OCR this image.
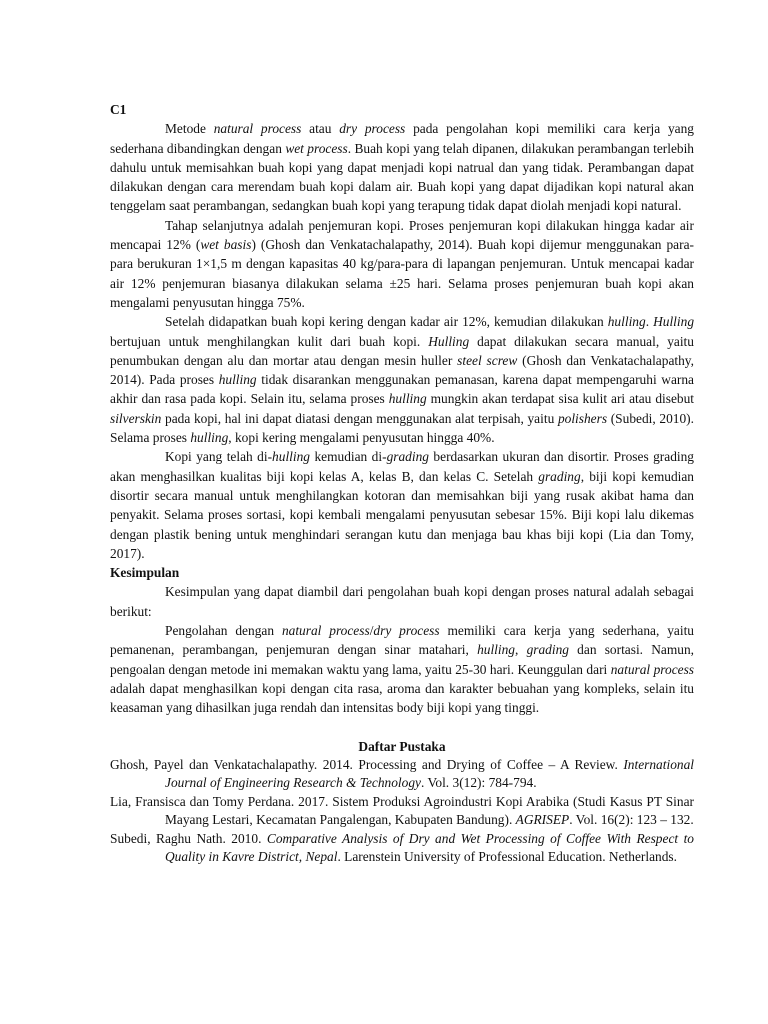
C1

Metode natural process atau dry process pada pengolahan kopi memiliki cara kerja yang sederhana dibandingkan dengan wet process. Buah kopi yang telah dipanen, dilakukan perambangan terlebih dahulu untuk memisahkan buah kopi yang dapat menjadi kopi natrual dan yang tidak. Perambangan dapat dilakukan dengan cara merendam buah kopi dalam air. Buah kopi yang dapat dijadikan kopi natural akan tenggelam saat perambangan, sedangkan buah kopi yang terapung tidak dapat diolah menjadi kopi natural.

Tahap selanjutnya adalah penjemuran kopi. Proses penjemuran kopi dilakukan hingga kadar air mencapai 12% (wet basis) (Ghosh dan Venkatachalapathy, 2014). Buah kopi dijemur menggunakan para-para berukuran 1×1,5 m dengan kapasitas 40 kg/para-para di lapangan penjemuran. Untuk mencapai kadar air 12% penjemuran biasanya dilakukan selama ±25 hari. Selama proses penjemuran buah kopi akan mengalami penyusutan hingga 75%.

Setelah didapatkan buah kopi kering dengan kadar air 12%, kemudian dilakukan hulling. Hulling bertujuan untuk menghilangkan kulit dari buah kopi. Hulling dapat dilakukan secara manual, yaitu penumbukan dengan alu dan mortar atau dengan mesin huller steel screw (Ghosh dan Venkatachalapathy, 2014). Pada proses hulling tidak disarankan menggunakan pemanasan, karena dapat mempengaruhi warna akhir dan rasa pada kopi. Selain itu, selama proses hulling mungkin akan terdapat sisa kulit ari atau disebut silverskin pada kopi, hal ini dapat diatasi dengan menggunakan alat terpisah, yaitu polishers (Subedi, 2010). Selama proses hulling, kopi kering mengalami penyusutan hingga 40%.

Kopi yang telah di-hulling kemudian di-grading berdasarkan ukuran dan disortir. Proses grading akan menghasilkan kualitas biji kopi kelas A, kelas B, dan kelas C. Setelah grading, biji kopi kemudian disortir secara manual untuk menghilangkan kotoran dan memisahkan biji yang rusak akibat hama dan penyakit. Selama proses sortasi, kopi kembali mengalami penyusutan sebesar 15%. Biji kopi lalu dikemas dengan plastik bening untuk menghindari serangan kutu dan menjaga bau khas biji kopi (Lia dan Tomy, 2017).

Kesimpulan

Kesimpulan yang dapat diambil dari pengolahan buah kopi dengan proses natural adalah sebagai berikut:

Pengolahan dengan natural process/dry process memiliki cara kerja yang sederhana, yaitu pemanenan, perambangan, penjemuran dengan sinar matahari, hulling, grading dan sortasi. Namun, pengoalan dengan metode ini memakan waktu yang lama, yaitu 25-30 hari. Keunggulan dari natural process adalah dapat menghasilkan kopi dengan cita rasa, aroma dan karakter bebuahan yang kompleks, selain itu keasaman yang dihasilkan juga rendah dan intensitas body biji kopi yang tinggi.

Daftar Pustaka

Ghosh, Payel dan Venkatachalapathy. 2014. Processing and Drying of Coffee – A Review. International Journal of Engineering Research & Technology. Vol. 3(12): 784-794.

Lia, Fransisca dan Tomy Perdana. 2017. Sistem Produksi Agroindustri Kopi Arabika (Studi Kasus PT Sinar Mayang Lestari, Kecamatan Pangalengan, Kabupaten Bandung). AGRISEP. Vol. 16(2): 123 – 132.

Subedi, Raghu Nath. 2010. Comparative Analysis of Dry and Wet Processing of Coffee With Respect to Quality in Kavre District, Nepal. Larenstein University of Professional Education. Netherlands.
